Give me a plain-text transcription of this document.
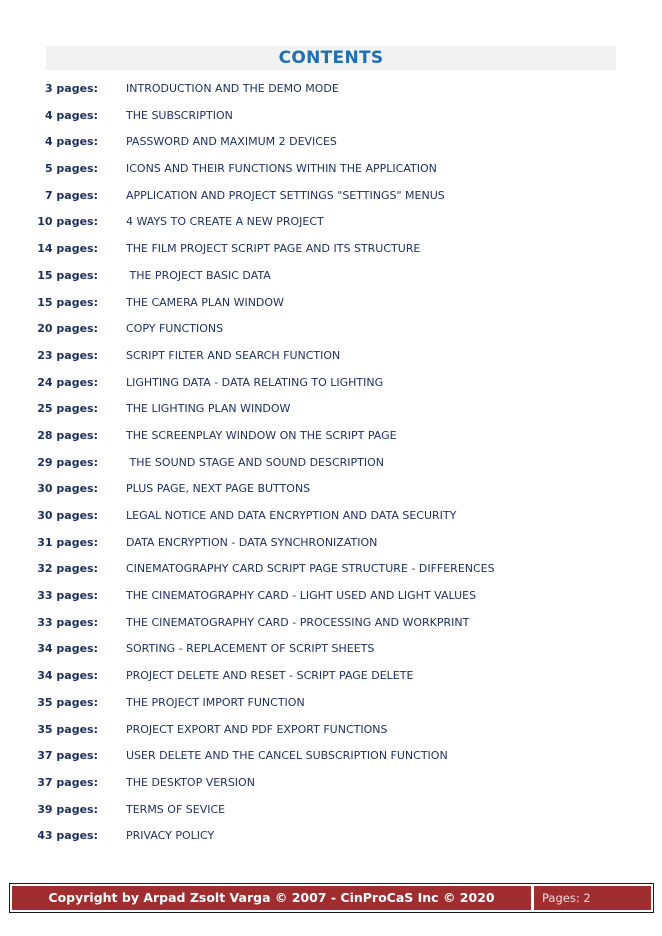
CONTENTS
3 pages:	INTRODUCTION AND THE DEMO MODE
4 pages:	THE SUBSCRIPTION
4 pages:	PASSWORD AND MAXIMUM 2 DEVICES
5 pages:	ICONS AND THEIR FUNCTIONS WITHIN THE APPLICATION
7 pages:	APPLICATION AND PROJECT SETTINGS "SETTINGS" MENUS
10 pages:	4 WAYS TO CREATE A NEW PROJECT
14 pages:	THE FILM PROJECT SCRIPT PAGE AND ITS STRUCTURE
15 pages:	THE PROJECT BASIC DATA
15 pages:	THE CAMERA PLAN WINDOW
20 pages:	COPY FUNCTIONS
23 pages:	SCRIPT FILTER AND SEARCH FUNCTION
24 pages:	LIGHTING DATA - DATA RELATING TO LIGHTING
25 pages:	THE LIGHTING PLAN WINDOW
28 pages:	THE SCREENPLAY WINDOW ON THE SCRIPT PAGE
29 pages:	THE SOUND STAGE AND SOUND DESCRIPTION
30 pages:	PLUS PAGE, NEXT PAGE BUTTONS
30 pages:	LEGAL NOTICE AND DATA ENCRYPTION AND DATA SECURITY
31 pages:	DATA ENCRYPTION - DATA SYNCHRONIZATION
32 pages:	CINEMATOGRAPHY CARD SCRIPT PAGE STRUCTURE - DIFFERENCES
33 pages:	THE CINEMATOGRAPHY CARD - LIGHT USED AND LIGHT VALUES
33 pages:	THE CINEMATOGRAPHY CARD - PROCESSING AND WORKPRINT
34 pages:	SORTING - REPLACEMENT OF SCRIPT SHEETS
34 pages:	PROJECT DELETE AND RESET - SCRIPT PAGE DELETE
35 pages:	THE PROJECT IMPORT FUNCTION
35 pages:	PROJECT EXPORT AND PDF EXPORT FUNCTIONS
37 pages:	USER DELETE AND THE CANCEL SUBSCRIPTION FUNCTION
37 pages:	THE DESKTOP VERSION
39 pages:	TERMS OF SEVICE
43 pages:	PRIVACY POLICY
Copyright by Arpad Zsolt Varga © 2007 - CinProCaS Inc © 2020	Pages: 2
